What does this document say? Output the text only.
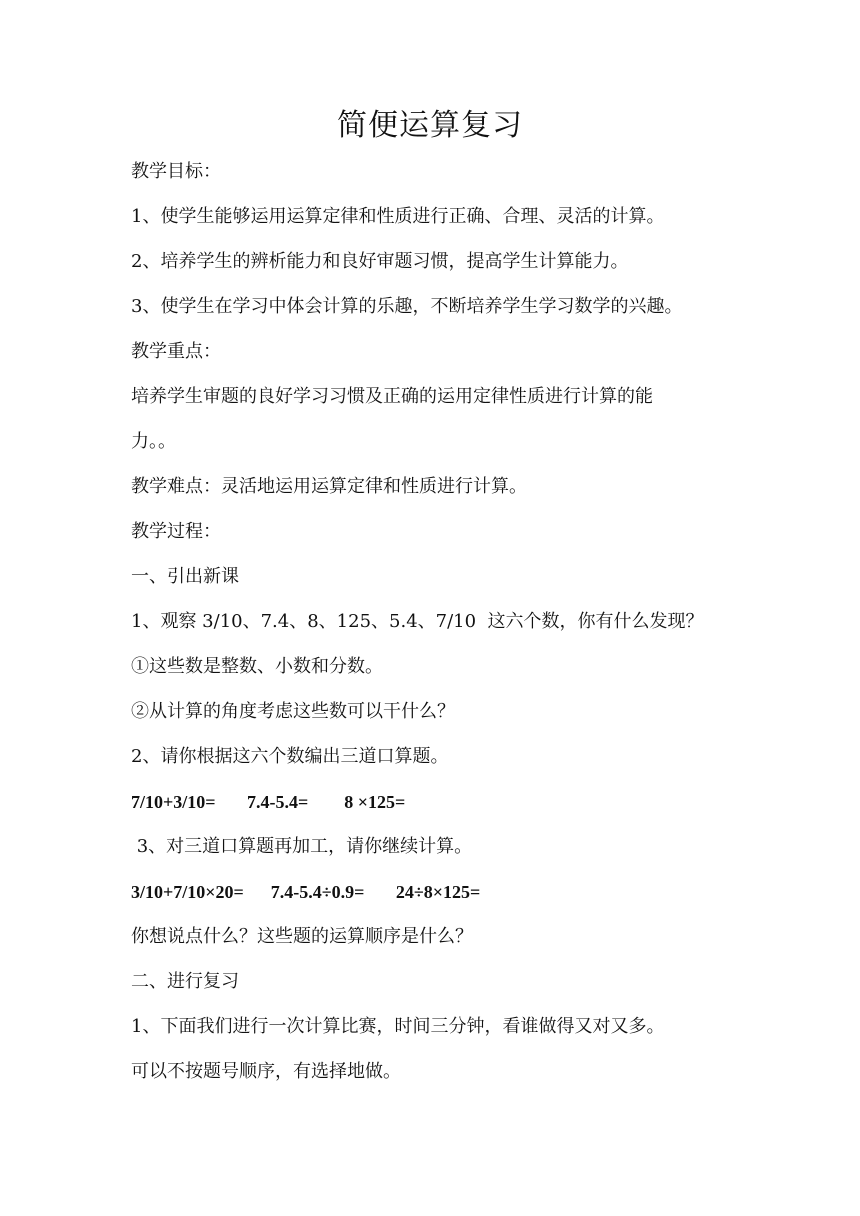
简便运算复习
教学目标：
1、使学生能够运用运算定律和性质进行正确、合理、灵活的计算。
2、培养学生的辨析能力和良好审题习惯，提高学生计算能力。
3、使学生在学习中体会计算的乐趣，不断培养学生学习数学的兴趣。
教学重点：
培养学生审题的良好学习习惯及正确的运用定律性质进行计算的能
力。。
教学难点：灵活地运用运算定律和性质进行计算。
教学过程：
一、引出新课
1、观察 3/10、7.4、8、125、5.4、7/10  这六个数，你有什么发现？
①这些数是整数、小数和分数。
②从计算的角度考虑这些数可以干什么？
2、请你根据这六个数编出三道口算题。
7/10+3/10=       7.4-5.4=        8 ×125=
3、对三道口算题再加工，请你继续计算。
3/10+7/10×20=      7.4-5.4÷0.9=       24÷8×125=
你想说点什么？这些题的运算顺序是什么？
二、进行复习
1、下面我们进行一次计算比赛，时间三分钟，看谁做得又对又多。
可以不按题号顺序，有选择地做。
